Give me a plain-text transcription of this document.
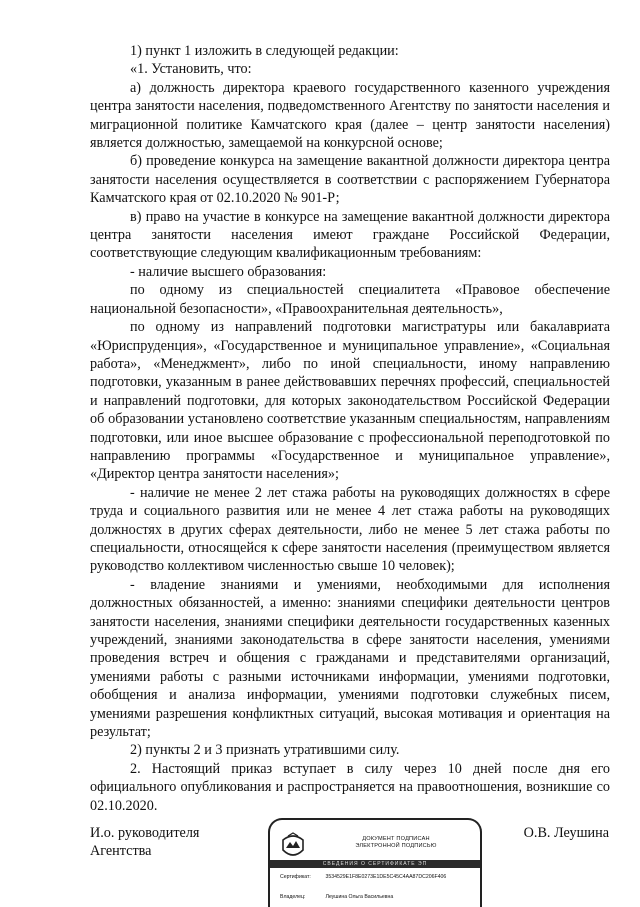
1) пункт 1 изложить в следующей редакции:

«1. Установить, что:

а) должность директора краевого государственного казенного учреждения центра занятости населения, подведомственного Агентству по занятости населения и миграционной политике Камчатского края (далее – центр занятости населения) является должностью, замещаемой на конкурсной основе;

б) проведение конкурса на замещение вакантной должности директора центра занятости населения осуществляется в соответствии с распоряжением Губернатора Камчатского края от 02.10.2020 № 901-Р;

в) право на участие в конкурсе на замещение вакантной должности директора центра занятости населения имеют граждане Российской Федерации, соответствующие следующим квалификационным требованиям:

- наличие высшего образования:

по одному из специальностей специалитета «Правовое обеспечение национальной безопасности», «Правоохранительная деятельность»,

по одному из направлений подготовки магистратуры или бакалавриата «Юриспруденция», «Государственное и муниципальное управление», «Социальная работа», «Менеджмент», либо по иной специальности, иному направлению подготовки, указанным в ранее действовавших перечнях профессий, специальностей и направлений подготовки, для которых законодательством Российской Федерации об образовании установлено соответствие указанным специальностям, направлениям подготовки, или иное высшее образование с профессиональной переподготовкой по направлению программы «Государственное и муниципальное управление», «Директор центра занятости населения»;

- наличие не менее 2 лет стажа работы на руководящих должностях в сфере труда и социального развития или не менее 4 лет стажа работы на руководящих должностях в других сферах деятельности, либо не менее 5 лет стажа работы по специальности, относящейся к сфере занятости населения (преимуществом является руководство коллективом численностью свыше 10 человек);

- владение знаниями и умениями, необходимыми для исполнения должностных обязанностей, а именно: знаниями специфики деятельности центров занятости населения, знаниями специфики деятельности государственных казенных учреждений, знаниями законодательства в сфере занятости населения, умениями проведения встреч и общения с гражданами и представителями организаций, умениями работы с разными источниками информации, умениями подготовки, обобщения и анализа информации, умениями подготовки служебных писем, умениями разрешения конфликтных ситуаций, высокая мотивация и ориентация на результат;

2) пункты 2 и 3 признать утратившими силу.

2. Настоящий приказ вступает в силу через 10 дней после дня его официального опубликования и распространяется на правоотношения, возникшие со 02.10.2020.

И.о. руководителя
Агентства
ДОКУМЕНТ ПОДПИСАН
ЭЛЕКТРОННОЙ ПОДПИСЬЮ
СВЕДЕНИЯ О СЕРТИФИКАТЕ ЭП
Сертификат:	3534529E1F8E0273E1DE5C45C4AA87DC206F406
Владелец:	Леушина Ольга Васильевна
О.В. Леушина
